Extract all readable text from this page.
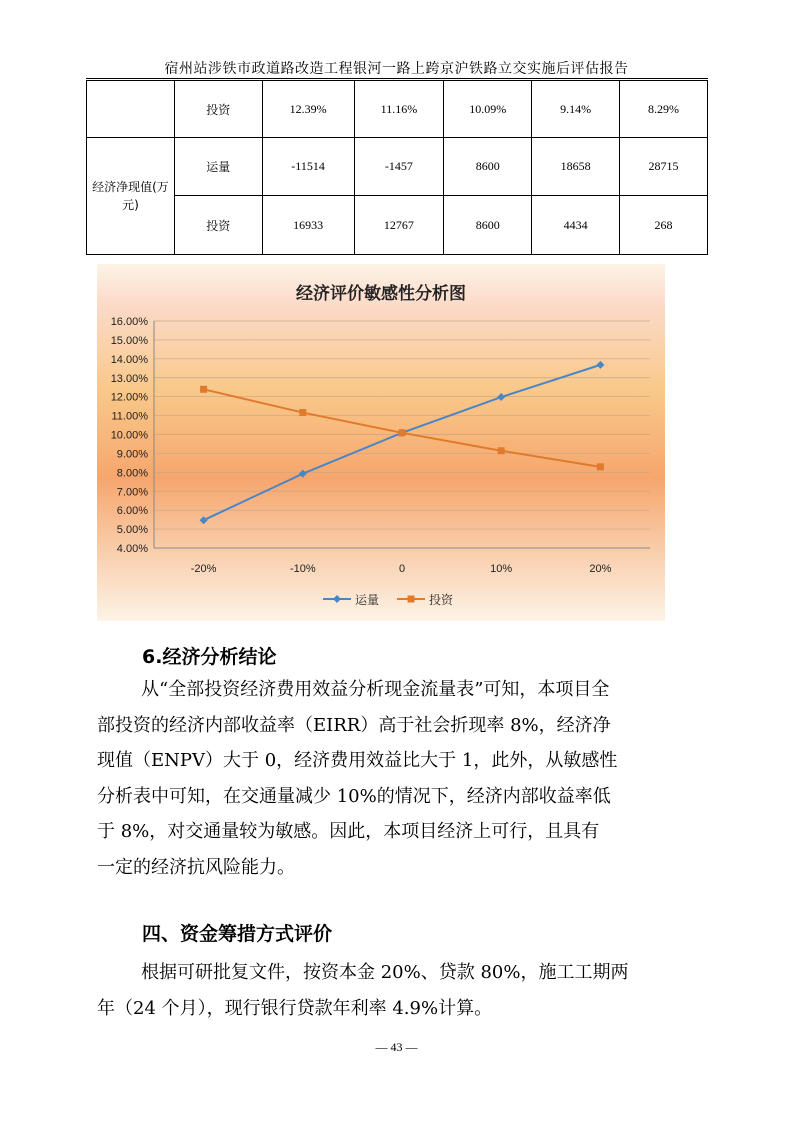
宿州站涉铁市政道路改造工程银河一路上跨京沪铁路立交实施后评估报告
	投资	12.39%	11.16%	10.09%	9.14%	8.29%
经济净现值(万元)	运量	-11514	-1457	8600	18658	28715
	投资	16933	12767	8600	4434	268
经济评价敏感性分析图
4.00%
5.00%
6.00%
7.00%
8.00%
9.00%
10.00%
11.00%
12.00%
13.00%
14.00%
15.00%
16.00%
-20%	-10%	0	10%	20%
运量	投资
6.经济分析结论
从“全部投资经济费用效益分析现金流量表”可知，本项目全
部投资的经济内部收益率（EIRR）高于社会折现率 8%，经济净
现值（ENPV）大于 0，经济费用效益比大于 1，此外，从敏感性
分析表中可知，在交通量减少 10%的情况下，经济内部收益率低
于 8%，对交通量较为敏感。因此，本项目经济上可行，且具有
一定的经济抗风险能力。
四、资金筹措方式评价
根据可研批复文件，按资本金 20%、贷款 80%，施工工期两
年（24 个月），现行银行贷款年利率 4.9%计算。
— 43 —
